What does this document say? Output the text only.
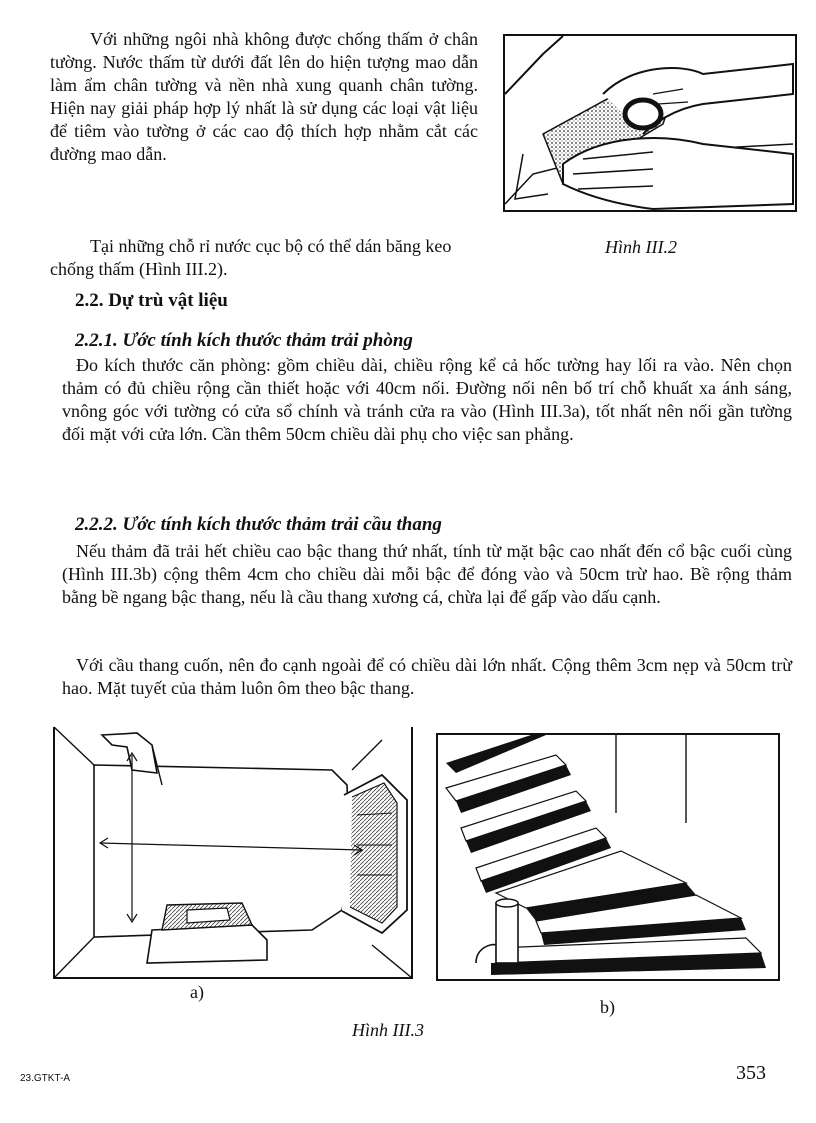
Với những ngôi nhà không được chống thấm ở chân tường. Nước thấm từ dưới đất lên do hiện tượng mao dẫn làm ẩm chân tường và nền nhà xung quanh chân tường. Hiện nay giải pháp hợp lý nhất là sử dụng các loại vật liệu để tiêm vào tường ở các cao độ thích hợp nhằm cắt các đường mao dẫn.

Tại những chỗ rỉ nước cục bộ có thể dán băng keo chống thấm (Hình III.2).

Hình III.2
2.2. Dự trù vật liệu
2.2.1. Ước tính kích thước thảm trải phòng

Đo kích thước căn phòng: gồm chiều dài, chiều rộng kể cả hốc tường hay lối ra vào. Nên chọn thảm có đủ chiều rộng cần thiết hoặc với 40cm nối. Đường nối nên bố trí chỗ khuất xa ánh sáng, vnông góc với tường có cửa sổ chính và tránh cửa ra vào (Hình III.3a), tốt nhất nên nối gần tường đối mặt với cửa lớn. Cần thêm 50cm chiều dài phụ cho việc san phẳng.

2.2.2. Ước tính kích thước thảm trải cầu thang

Nếu thảm đã trải hết chiều cao bậc thang thứ nhất, tính từ mặt bậc cao nhất đến cổ bậc cuối cùng (Hình III.3b) cộng thêm 4cm cho chiều dài mỗi bậc để đóng vào và 50cm trừ hao. Bề rộng thảm bằng bề ngang bậc thang, nếu là cầu thang xương cá, chừa lại để gấp vào dấu cạnh.

Với cầu thang cuốn, nên đo cạnh ngoài để có chiều dài lớn nhất. Cộng thêm 3cm nẹp và 50cm trừ hao. Mặt tuyết của thảm luôn ôm theo bậc thang.

a)
b)
Hình III.3
23.GTKT-A	353
